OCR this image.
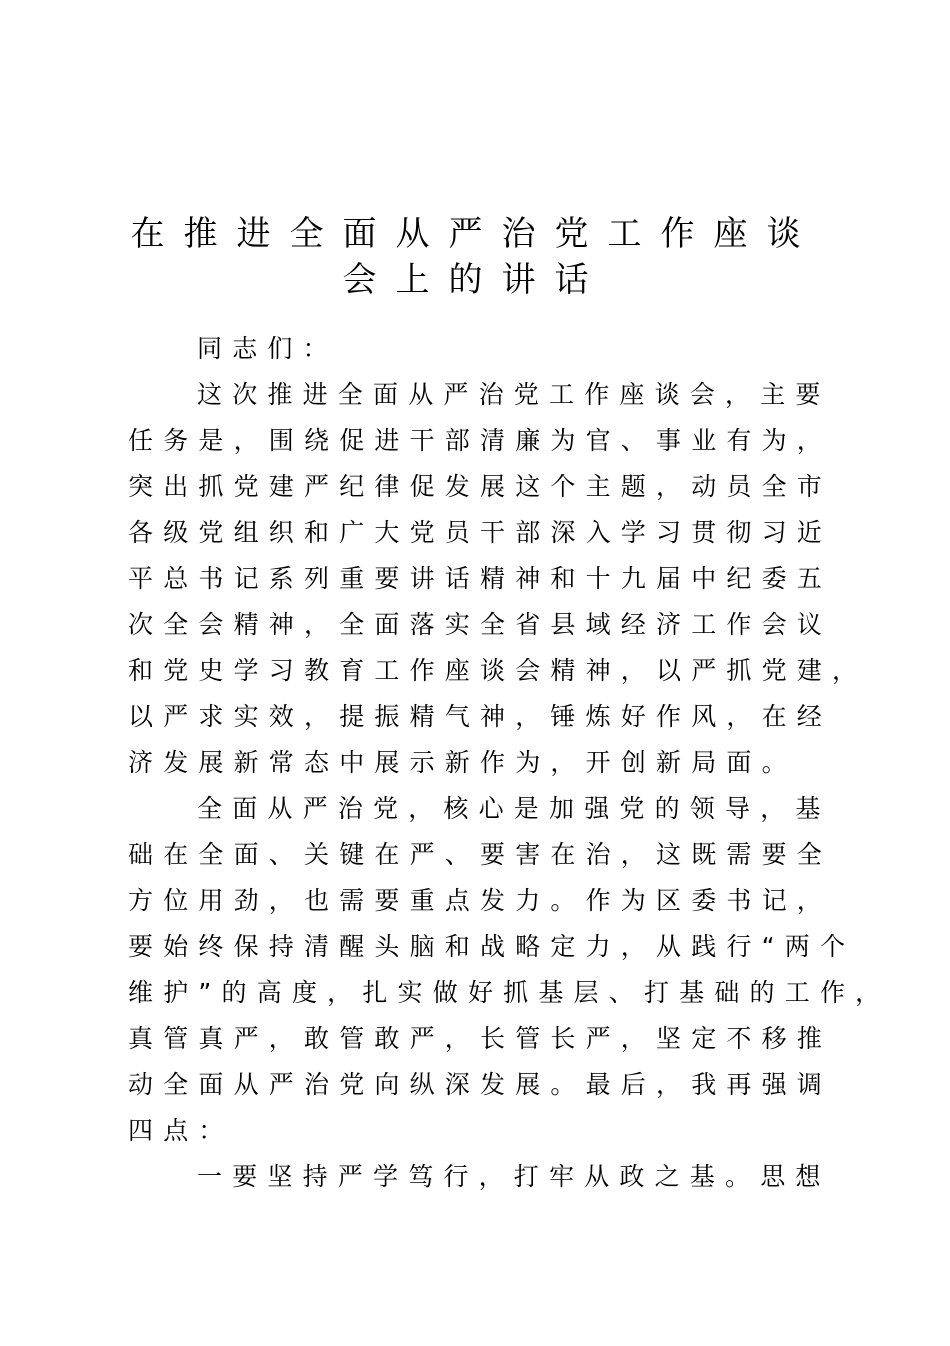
在推进全面从严治党工作座谈
会上的讲话
同志们：
这次推进全面从严治党工作座谈会，主要
任务是，围绕促进干部清廉为官、事业有为，
突出抓党建严纪律促发展这个主题，动员全市
各级党组织和广大党员干部深入学习贯彻习近
平总书记系列重要讲话精神和十九届中纪委五
次全会精神，全面落实全省县域经济工作会议
和党史学习教育工作座谈会精神，以严抓党建，
以严求实效，提振精气神，锤炼好作风，在经
济发展新常态中展示新作为，开创新局面。
全面从严治党，核心是加强党的领导，基
础在全面、关键在严、要害在治，这既需要全
方位用劲，也需要重点发力。作为区委书记，
要始终保持清醒头脑和战略定力，从践行“两个
维护”的高度，扎实做好抓基层、打基础的工作，
真管真严，敢管敢严，长管长严，坚定不移推
动全面从严治党向纵深发展。最后，我再强调
四点：
一要坚持严学笃行，打牢从政之基。思想
